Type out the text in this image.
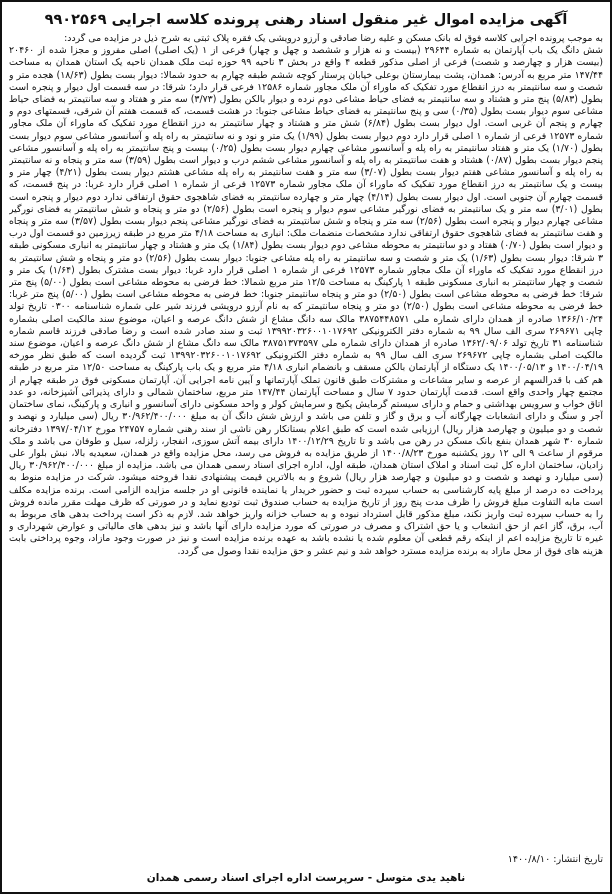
آگهی مزایده اموال غیر منقول اسناد رهنی پرونده کلاسه اجرایی ۹۹۰۲۵۶۹

به موجب پرونده اجرایی کلاسه فوق له بانک مسکن و علیه رضا صادقی و آرزو درویشی یک فقره پلاک ثبتی به شرح ذیل در مزایده می گردد:

شش دانگ یک باب آپارتمان به شماره ۲۹۶۴۴ (بیست و نه هزار و ششصد و چهل و چهار) فرعی از ۱ (یک اصلی) اصلی مفروز و مجزا شده از ۲۰۴۶۰ (بیست هزار و چهارصد و شصت) فرعی از اصلی مذکور قطعه ۴ واقع در بخش ۳ ناحیه ۹۹ حوزه ثبت ملک همدان ناحیه یک استان همدان به مساحت ۱۴۷/۴۴ متر مربع به آدرس: همدان، پشت بیمارستان بوعلی خیابان پرستار کوچه ششم طبقه چهارم به حدود شمالا: دیوار بست بطول (۱۸/۶۳) هجده متر و شصت و سه سانتیمتر به درز انقطاع مورد تفکیک که ماوراء آن ملک مجاور شماره ۱۲۵۸۶ فرعی قرار دارد؛ شرقا: در سه قسمت اول دیوار و پنجره است بطول (۵/۸۳) پنج متر و هشتاد و سه سانتیمتر به فضای حیاط مشاعی دوم نرده و دیوار بالکن بطول (۳/۷۳) سه متر و هفتاد و سه سانتیمتر به فضای حیاط مشاعی سوم دیوار بست بطول (۰/۳۵) سی و پنج سانتیمتر به فضای حیاط مشاعی جنوبا: در هشت قسمت، که قسمت هفتم آن شرقی، قسمتهای دوم و چهارم و پنجم آن غربی است. اول دیوار بست بطول (۶/۸۴) شش متر و هشتاد و چهار سانتیمتر به درز انقطاع مورد تفکیک که ماوراء آن ملک مجاور شماره ۱۲۵۷۳ فرعی از شماره ۱ اصلی قرار دارد دوم دیوار بست بطول (۱/۹۹) یک متر و نود و نه سانتیمتر به راه پله و آسانسور مشاعی سوم دیوار بست بطول (۱/۷۰) یک متر و هفتاد سانتیمتر به راه پله و آسانسور مشاعی چهارم دیوار بست بطول (۰/۲۵) بیست و پنج سانتیمتر به راه پله و آسانسور مشاعی پنجم دیوار بست بطول (۰/۸۷) هشتاد و هفت سانتیمتر به راه پله و آسانسور مشاعی ششم درب و دیوار است بطول (۳/۵۹) سه متر و پنجاه و نه سانتیمتر به راه پله و آسانسور مشاعی هفتم دیوار بست بطول (۳/۰۷) سه متر و هفت سانتیمتر به راه پله مشاعی هشتم دیوار بست بطول (۴/۲۱) چهار متر و بیست و یک سانتیمتر به درز انقطاع مورد تفکیک که ماوراء آن ملک مجاور شماره ۱۲۵۷۳ فرعی از شماره ۱ اصلی قرار دارد غربا: در پنج قسمت، که قسمت چهارم آن جنوبی است. اول دیوار بست بطول (۴/۱۴) چهار متر و چهارده سانتیمتر به فضای شاهجوی حقوق ارتفاقی ندارد دوم دیوار و پنجره است بطول (۳/۰۱) سه متر و یک سانتیمتر به فضای نورگیر مشاعی سوم دیوار و پنجره است بطول (۲/۵۶) دو متر و پنجاه و شش سانتیمتر به فضای نورگیر مشاعی چهارم دیوار و پنجره است بطول (۲/۵۶) سه متر و پنجاه و شش سانتیمتر به فضای نورگیر مشاعی پنجم دیوار بست بطول (۳/۵۷) سه متر و پنجاه و هفت سانتیمتر به فضای شاهجوی حقوق ارتفاقی ندارد مشخصات منضمات ملک: انباری به مساحت ۴/۱۸ متر مربع در طبقه زیرزمین دو قسمت اول درب و دیوار است بطول (۰/۷۰) هفتاد و دو سانتیمتر به محوطه مشاعی دوم دیوار بست بطول (۱/۸۴) یک متر و هشتاد و چهار سانتیمتر به انباری مسکونی طبقه ۳ شرقا: دیوار بست بطول (۱/۶۳) یک متر و شصت و سه سانتیمتر به راه پله مشاعی جنوبا: دیوار بست بطول (۲/۵۶) دو متر و پنجاه و شش سانتیمتر به درز انقطاع مورد تفکیک که ماوراء آن ملک مجاور شماره ۱۲۵۷۳ فرعی از شماره ۱ اصلی قرار دارد غربا: دیوار بست مشترک بطول (۱/۶۴) یک متر و شصت و چهار سانتیمتر به انباری مسکونی طبقه ۱ پارکینگ به مساحت ۱۲/۵ متر مربع شمالا: خط فرضی به محوطه مشاعی است بطول (۵/۰۰) پنج متر شرقا: خط فرضی به محوطه مشاعی است بطول (۲/۵۰) دو متر و پنجاه سانتیمتر جنوبا: خط فرضی به محوطه مشاعی است بطول (۵/۰۰) پنج متر غربا: خط فرضی به محوطه مشاعی است بطول (۲/۵۰) دو متر و پنجاه سانتیمتر که به نام آرزو درویشی فرزند شیر علی شماره شناسنامه ۰۳۰۰ تاریخ تولد ۱۳۶۶/۱۰/۲۴ صادره از همدان دارای شماره ملی ۳۸۷۵۴۴۸۵۷۱ مالک سه دانگ مشاع از شش دانگ عرصه و اعیان، موضوع سند مالکیت اصلی بشماره چاپی ۲۶۹۶۷۱ سری الف سال ۹۹ به شماره دفتر الکترونیکی ۱۳۹۹۲۰۳۲۶۰۰۱۰۱۷۶۹۲ ثبت و سند صادر شده است و رضا صادقی فرزند قاسم شماره شناسنامه ۳۱ تاریخ تولد ۱۳۶۲/۰۹/۰۶ صادره از همدان دارای شماره ملی ۳۸۷۵۱۳۷۳۵۹۷ مالک سه دانگ مشاع از شش دانگ عرصه و اعیان، موضوع سند مالکیت اصلی بشماره چاپی ۲۶۹۶۷۲ سری الف سال ۹۹ به شماره دفتر الکترونیکی ۱۳۹۹۲۰۳۲۶۰۰۱۰۱۷۶۹۲ ثبت گردیده است که طبق نظر مورخه ۱۴۰۰/۰۴/۱۹ و ۱۴۰۰/۰۵/۱۳ یک دستگاه از آپارتمان بالکن مسقف و بانضمام انباری ۴/۱۸ متر مربع و یک باب پارکینگ به مساحت ۱۲/۵۰ متر مربع در طبقه هم کف با قدرالسهم از عرصه و سایر مشاعات و مشترکات طبق قانون تملک آپارتمانها و آیین نامه اجرایی آن. آپارتمان مسکونی فوق در طبقه چهارم از مجتمع چهار واحدی واقع است. قدمت آپارتمان حدود ۷ سال و مساحت آپارتمان ۱۴۷/۴۴ متر مربع، ساختمان شمالی و دارای پذیرائی آشپزخانه، دو عدد اتاق خواب و سرویس بهداشتی و حمام و دارای سیستم گرمایش پکیج و سرمایش کولر و واحد مسکونی دارای آسانسور و انباری و پارکینگ، نمای ساختمان آجر و سنگ و دارای انشعابات چهارگانه آب و برق و گاز و تلفن می باشد و ارزش شش دانگ آن به مبلغ ۳۰/۹۶۲/۴۰۰/۰۰۰ ریال (سی میلیارد و نهصد و شصت و دو میلیون و چهارصد هزار ریال) ارزیابی شده است که طبق اعلام بستانکار رهن ناشی از سند رهنی شماره ۲۴۷۵۷ مورخ ۱۳۹۷/۰۴/۱۲ دفترخانه شماره ۳۰ شهر همدان بنفع بانک مسکن در رهن می باشد و تا تاریخ ۱۴۰۰/۱۲/۲۹ دارای بیمه آتش سوزی، انفجار، زلزله، سیل و طوفان می باشد و ملک مرقوم از ساعت ۹ الی ۱۲ روز یکشنبه مورخ ۱۴۰۰/۸/۲۳ از طریق مزایده به فروش می رسد، محل مزایده واقع در همدان، سعیدیه بالا، نبش بلوار علی زادیان، ساختمان اداره کل ثبت اسناد و املاک استان همدان، طبقه اول، اداره اجرای اسناد رسمی همدان می باشد. مزایده از مبلغ ۳۰/۹۶۲/۴۰۰/۰۰۰ ریال (سی میلیارد و نهصد و شصت و دو میلیون و چهارصد هزار ریال) شروع و به بالاترین قیمت پیشنهادی نقدا فروخته میشود. شرکت در مزایده منوط به پرداخت ده درصد از مبلغ پایه کارشناسی به حساب سپرده ثبت و حضور خریدار یا نماینده قانونی او در جلسه مزایده الزامی است. برنده مزایده مکلف است مابه التفاوت مبلغ فروش را ظرف مدت پنج روز از تاریخ مزایده به حساب صندوق ثبت تودیع نماید و در صورتی که ظرف مهلت مقرر مانده فروش را به حساب سپرده ثبت واریز نکند، مبلغ مذکور قابل استرداد نبوده و به حساب خزانه واریز خواهد شد. لازم به ذکر است پرداخت بدهی های مربوط به آب، برق، گاز اعم از حق انشعاب و یا حق اشتراک و مصرف در صورتی که مورد مزایده دارای آنها باشد و نیز بدهی های مالیاتی و عوارض شهرداری و غیره تا تاریخ مزایده اعم از اینکه رقم قطعی آن معلوم شده یا نشده باشد به عهده برنده مزایده است و نیز در صورت وجود مازاد، وجوه پرداختی بابت هزینه های فوق از محل مازاد به برنده مزایده مسترد خواهد شد و نیم عشر و حق مزایده نقدا وصول می گردد.

تاریخ انتشار: ۱۴۰۰/۸/۱۰
ناهید یدی متوسل - سرپرست اداره اجرای اسناد رسمی همدان
